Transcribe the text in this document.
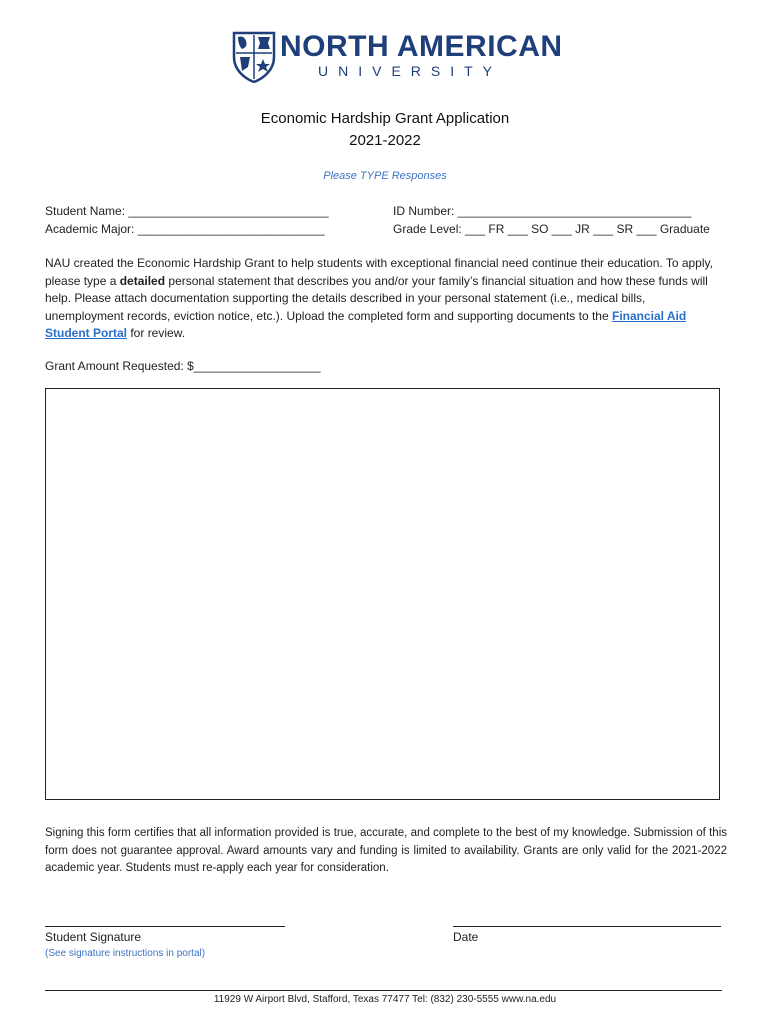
NORTH AMERICAN
UNIVERSITY
Economic Hardship Grant Application
2021-2022
Please TYPE Responses
Student Name: ______________________________
Academic Major: ____________________________
ID Number: ___________________________________
Grade Level: ___ FR ___ SO ___ JR ___ SR ___ Graduate
NAU created the Economic Hardship Grant to help students with exceptional financial need continue their education. To apply, please type a detailed personal statement that describes you and/or your family’s financial situation and how these funds will help. Please attach documentation supporting the details described in your personal statement (i.e., medical bills, unemployment records, eviction notice, etc.). Upload the completed form and supporting documents to the Financial Aid Student Portal for review.
Grant Amount Requested: $___________________
Signing this form certifies that all information provided is true, accurate, and complete to the best of my knowledge. Submission of this form does not guarantee approval. Award amounts vary and funding is limited to availability. Grants are only valid for the 2021-2022 academic year. Students must re-apply each year for consideration.
Student Signature	Date
(See signature instructions in portal)
11929 W Airport Blvd, Stafford, Texas 77477 Tel: (832) 230-5555 www.na.edu
